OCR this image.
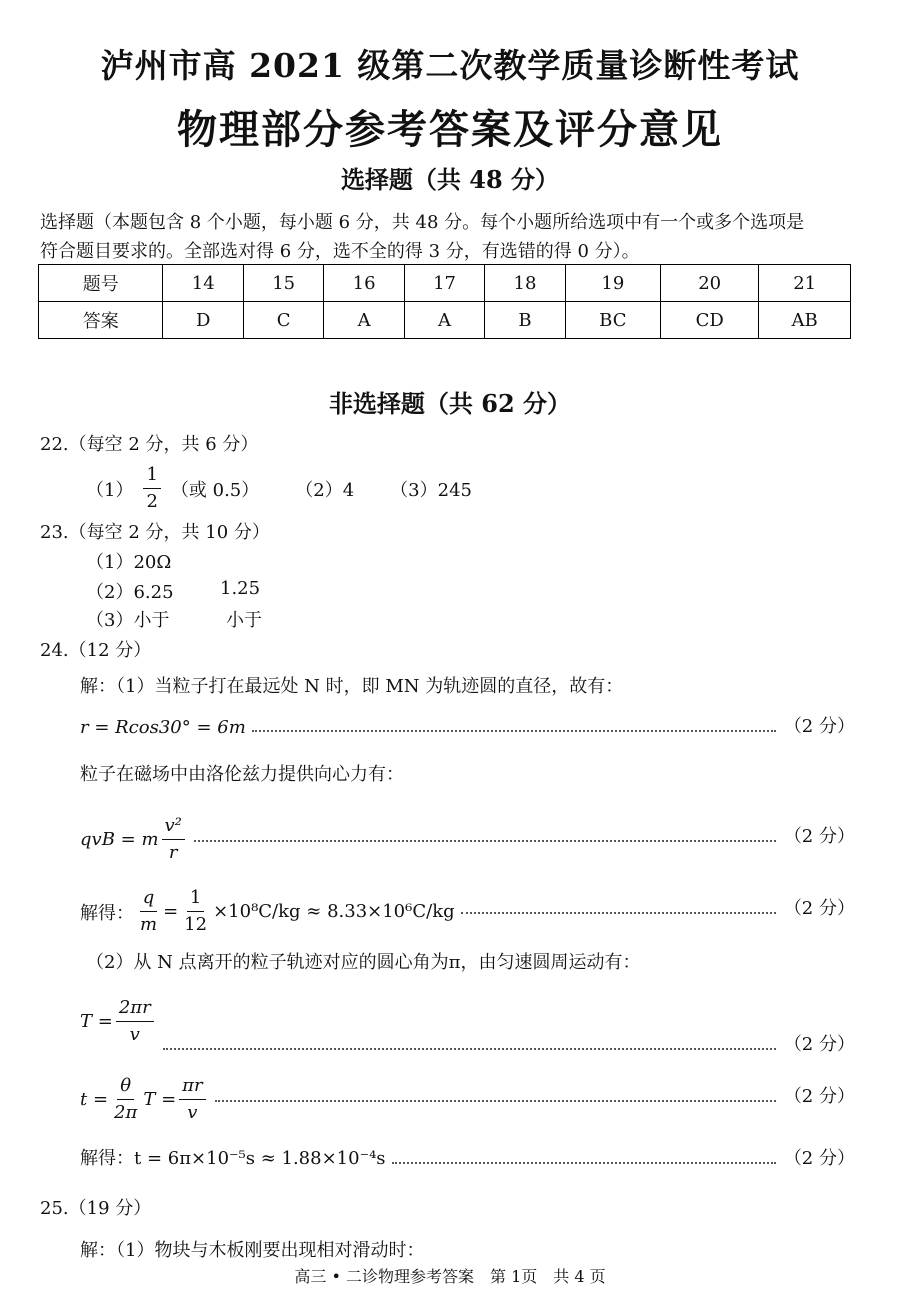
泸州市高 2021 级第二次教学质量诊断性考试
物理部分参考答案及评分意见
选择题（共 48 分）
选择题（本题包含 8 个小题，每小题 6 分，共 48 分。每个小题所给选项中有一个或多个选项是
符合题目要求的。全部选对得 6 分，选不全的得 3 分，有选错的得 0 分）。
题号	14	15	16	17	18	19	20	21
答案	D	C	A	A	B	BC	CD	AB
非选择题（共 62 分）
22.（每空 2 分，共 6 分）
$(1) \frac{1}{2}$ （或 0.5） （2）4 （3）245
23.（每空 2 分，共 10 分）
（1）20Ω
（2）6.25	1.25
（3）小于	小于
24.（12 分）
解：（1）当粒子打在最远处 N 时，即 MN 为轨迹圆的直径，故有：
r = Rcos30° = 6m	（2 分）
粒子在磁场中由洛伦兹力提供向心力有：
qvB = m $\frac{\text{v²}}{r}$	（2 分）
解得： $\frac{q}{m} = \frac{1}{12} \times 10^8C/kg \approx 8.33\times 10^6C/kg$	（2 分）
（2）从 N 点离开的粒子轨迹对应的圆心角为π，由匀速圆周运动有：
$T = \frac{2\pi r}{v}$	（2 分）
$t = \frac{\theta}{2\pi}$ $T = \frac{\pi r}{v}$	（2 分）
解得：t = 6π×10⁻⁵s ≈ 1.88×10⁻⁴s	（2 分）
25.（19 分）
解：（1）物块与木板刚要出现相对滑动时：
高三 • 二诊物理参考答案　第 1页　共 4 页
